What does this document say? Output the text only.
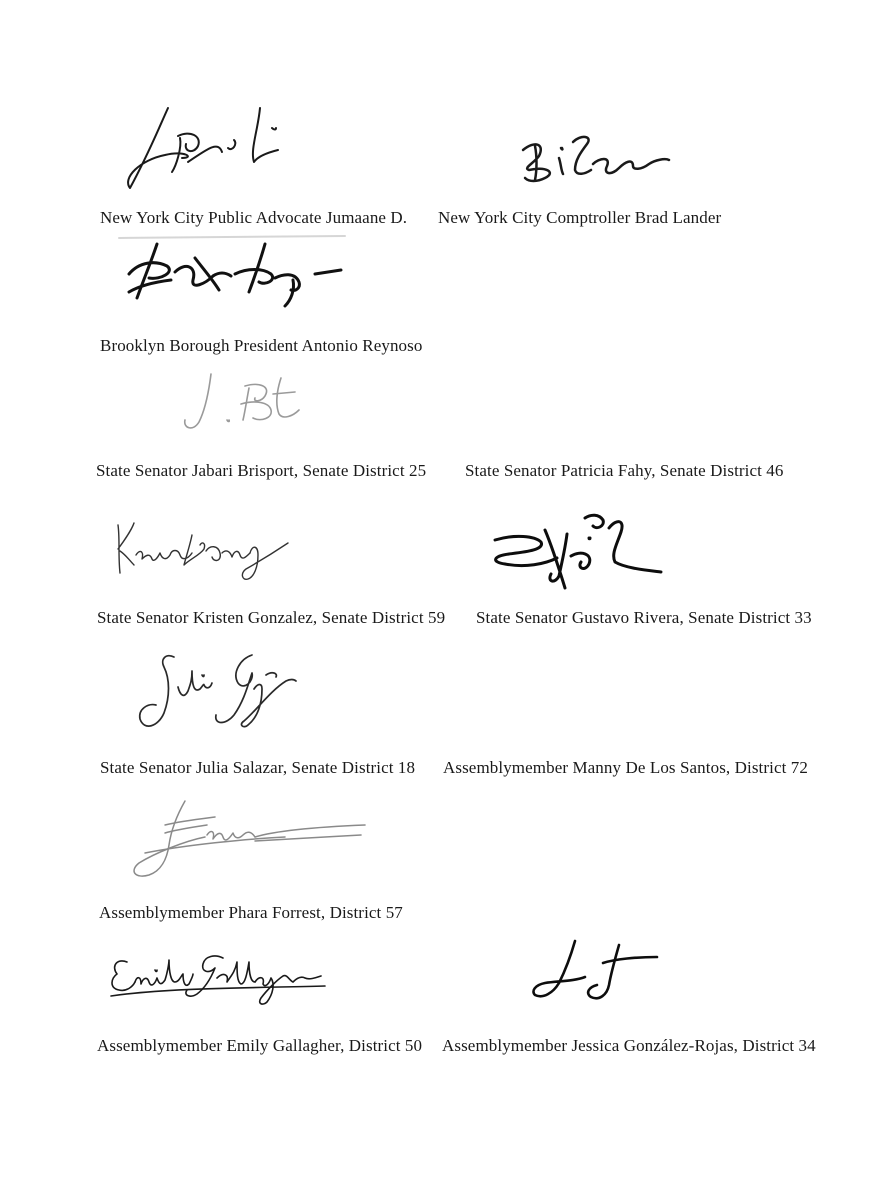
New York City Public Advocate Jumaane D. New York City Comptroller Brad Lander
Brooklyn Borough President Antonio Reynoso
State Senator Jabari Brisport, Senate District 25 State Senator Patricia Fahy, Senate District 46
State Senator Kristen Gonzalez, Senate District 59 State Senator Gustavo Rivera, Senate District 33
State Senator Julia Salazar, Senate District 18 Assemblymember Manny De Los Santos, District 72
Assemblymember Phara Forrest, District 57
Assemblymember Emily Gallagher, District 50 Assemblymember Jessica González-Rojas, District 34
